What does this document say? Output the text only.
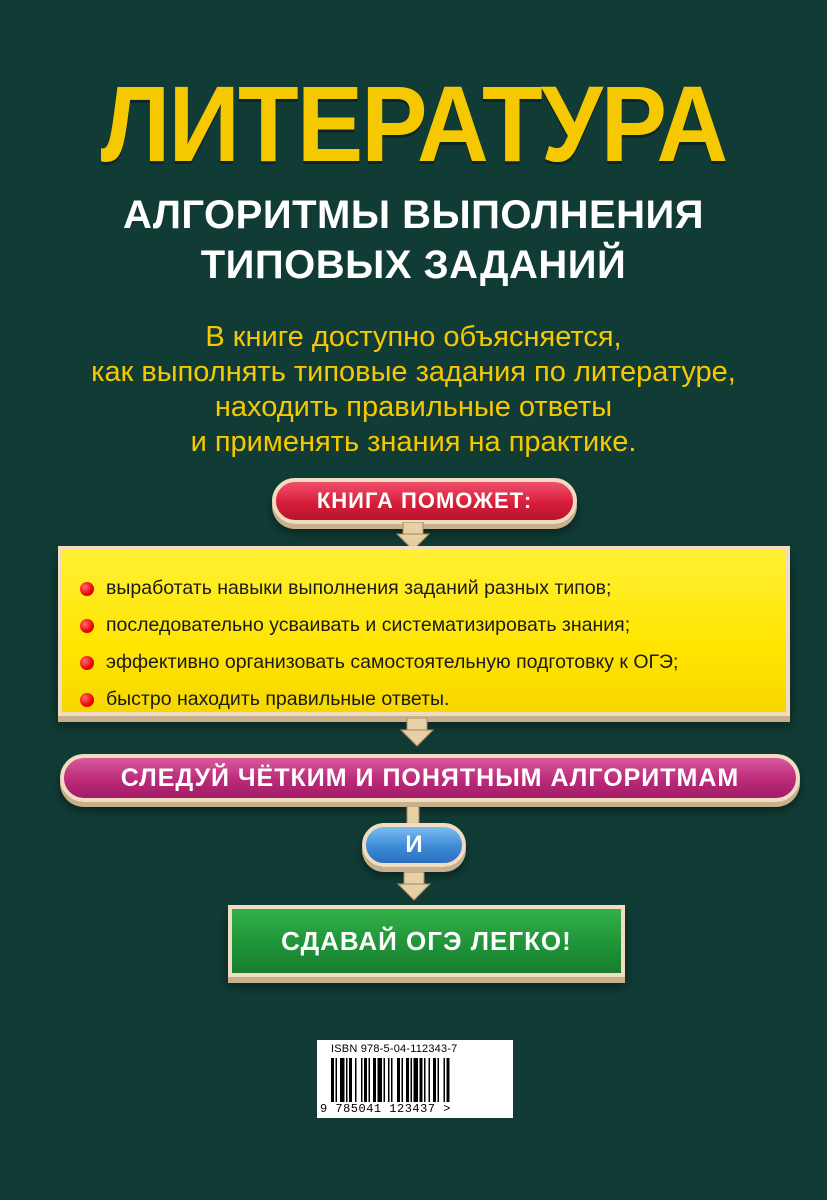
ЛИТЕРАТУРА
АЛГОРИТМЫ ВЫПОЛНЕНИЯ
ТИПОВЫХ ЗАДАНИЙ
В книге доступно объясняется,
как выполнять типовые задания по литературе,
находить правильные ответы
и применять знания на практике.
КНИГА ПОМОЖЕТ:
выработать навыки выполнения заданий разных типов;
последовательно усваивать и систематизировать знания;
эффективно организовать самостоятельную подготовку к ОГЭ;
быстро находить правильные ответы.
СЛЕДУЙ ЧЁТКИМ И ПОНЯТНЫМ АЛГОРИТМАМ
И
СДАВАЙ ОГЭ ЛЕГКО!
ISBN 978-5-04-112343-7
9 785041 123437 >
